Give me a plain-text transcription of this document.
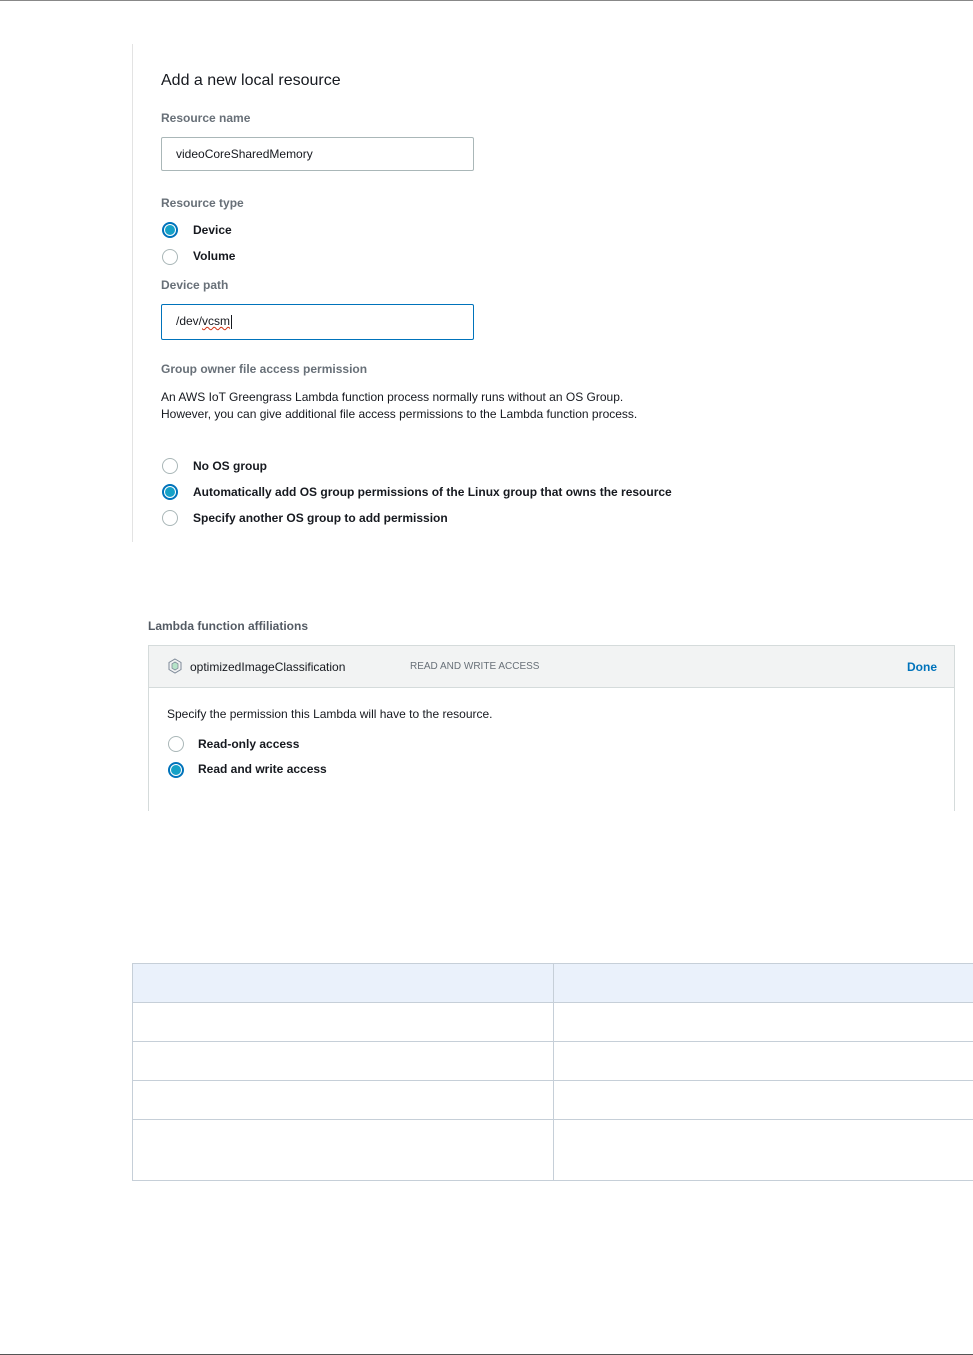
Add a new local resource
Resource name
videoCoreSharedMemory
Resource type
Device
Volume
Device path
/dev/vcsm
Group owner file access permission
An AWS IoT Greengrass Lambda function process normally runs without an OS Group. However, you can give additional file access permissions to the Lambda function process.
No OS group
Automatically add OS group permissions of the Linux group that owns the resource
Specify another OS group to add permission
Lambda function affiliations
optimizedImageClassification	READ AND WRITE ACCESS	Done
Specify the permission this Lambda will have to the resource.
Read-only access
Read and write access
